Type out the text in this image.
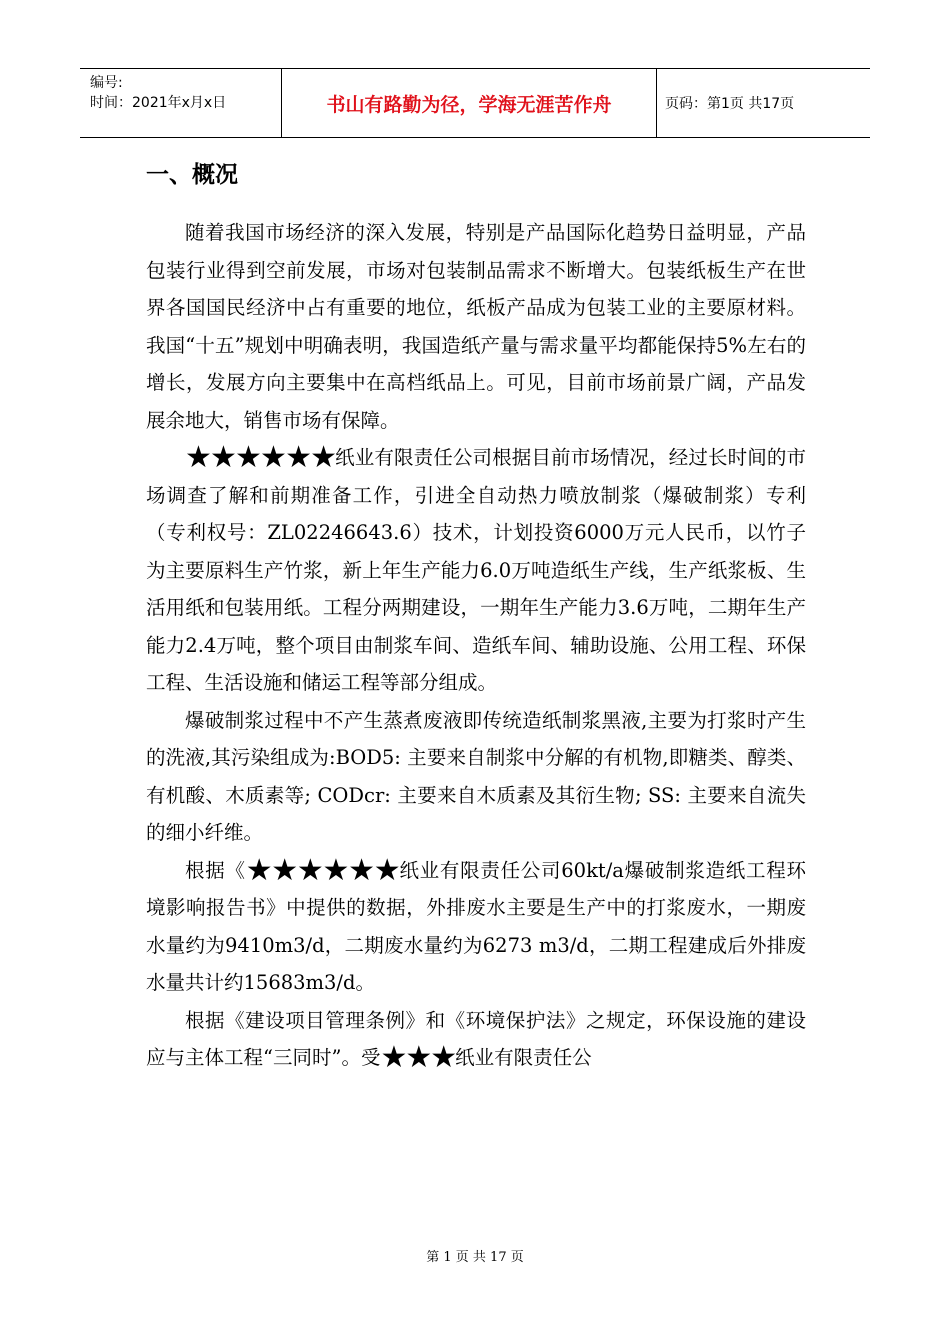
编号:
时间：2021年x月x日	书山有路勤为径，学海无涯苦作舟	页码：第1页 共17页
一、概况

随着我国市场经济的深入发展，特别是产品国际化趋势日益明显，产品包装行业得到空前发展，市场对包装制品需求不断增大。包装纸板生产在世界各国国民经济中占有重要的地位，纸板产品成为包装工业的主要原材料。我国“十五”规划中明确表明，我国造纸产量与需求量平均都能保持5%左右的增长，发展方向主要集中在高档纸品上。可见，目前市场前景广阔，产品发展余地大，销售市场有保障。

★★★★★★纸业有限责任公司根据目前市场情况，经过长时间的市场调查了解和前期准备工作，引进全自动热力喷放制浆（爆破制浆）专利（专利权号：ZL02246643.6）技术，计划投资6000万元人民币，以竹子为主要原料生产竹浆，新上年生产能力6.0万吨造纸生产线，生产纸浆板、生活用纸和包装用纸。工程分两期建设，一期年生产能力3.6万吨，二期年生产能力2.4万吨，整个项目由制浆车间、造纸车间、辅助设施、公用工程、环保工程、生活设施和储运工程等部分组成。

爆破制浆过程中不产生蒸煮废液即传统造纸制浆黑液,主要为打浆时产生的洗液,其污染组成为:BOD5: 主要来自制浆中分解的有机物,即糖类、醇类、有机酸、木质素等; CODcr: 主要来自木质素及其衍生物; SS: 主要来自流失的细小纤维。

根据《★★★★★★纸业有限责任公司60kt/a爆破制浆造纸工程环境影响报告书》中提供的数据，外排废水主要是生产中的打浆废水，一期废水量约为9410m3/d，二期废水量约为6273 m3/d，二期工程建成后外排废水量共计约15683m3/d。

根据《建设项目管理条例》和《环境保护法》之规定，环保设施的建设应与主体工程“三同时”。受★★★纸业有限责任公

第 1 页 共 17 页
